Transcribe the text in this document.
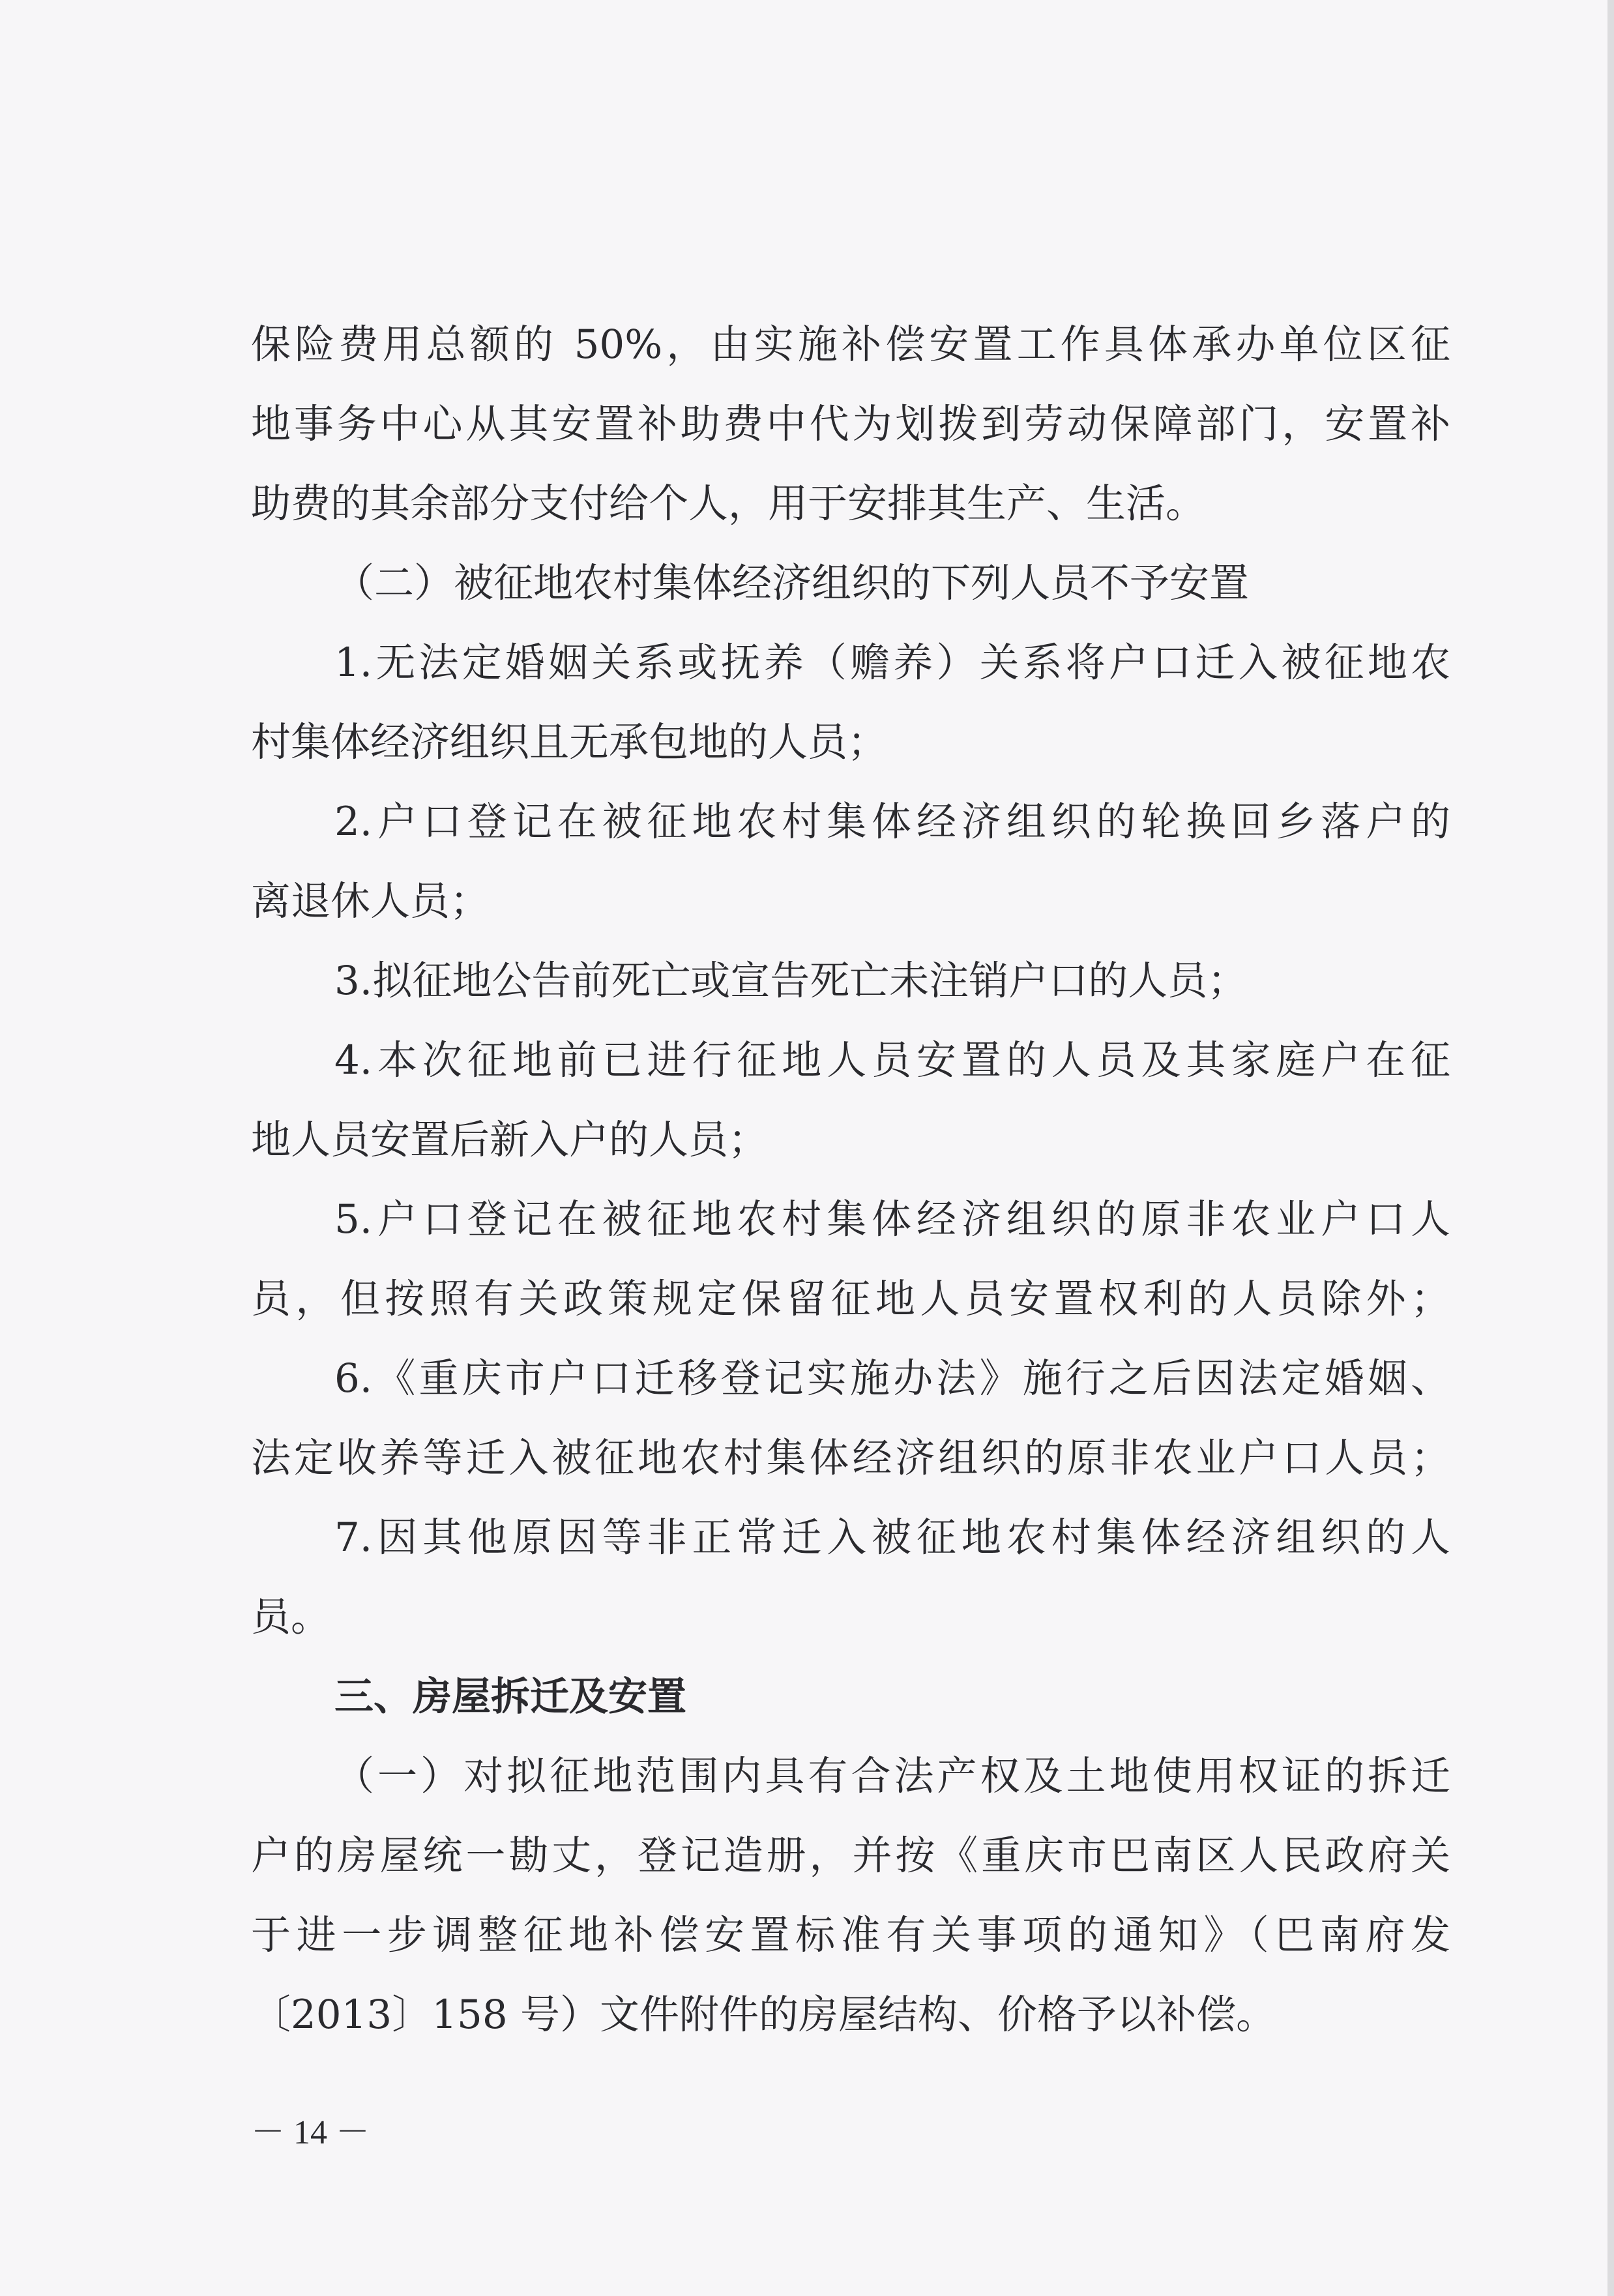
保险费用总额的 50%，由实施补偿安置工作具体承办单位区征
地事务中心从其安置补助费中代为划拨到劳动保障部门，安置补
助费的其余部分支付给个人，用于安排其生产、生活。
（二）被征地农村集体经济组织的下列人员不予安置
1.无法定婚姻关系或抚养（赡养）关系将户口迁入被征地农
村集体经济组织且无承包地的人员；
2.户口登记在被征地农村集体经济组织的轮换回乡落户的
离退休人员；
3.拟征地公告前死亡或宣告死亡未注销户口的人员；
4.本次征地前已进行征地人员安置的人员及其家庭户在征
地人员安置后新入户的人员；
5.户口登记在被征地农村集体经济组织的原非农业户口人
员，但按照有关政策规定保留征地人员安置权利的人员除外；
6.《重庆市户口迁移登记实施办法》施行之后因法定婚姻、
法定收养等迁入被征地农村集体经济组织的原非农业户口人员；
7.因其他原因等非正常迁入被征地农村集体经济组织的人
员。
三、房屋拆迁及安置
（一）对拟征地范围内具有合法产权及土地使用权证的拆迁
户的房屋统一勘丈，登记造册，并按《重庆市巴南区人民政府关
于进一步调整征地补偿安置标准有关事项的通知》（巴南府发
〔2013〕158 号）文件附件的房屋结构、价格予以补偿。
－ 14 －
